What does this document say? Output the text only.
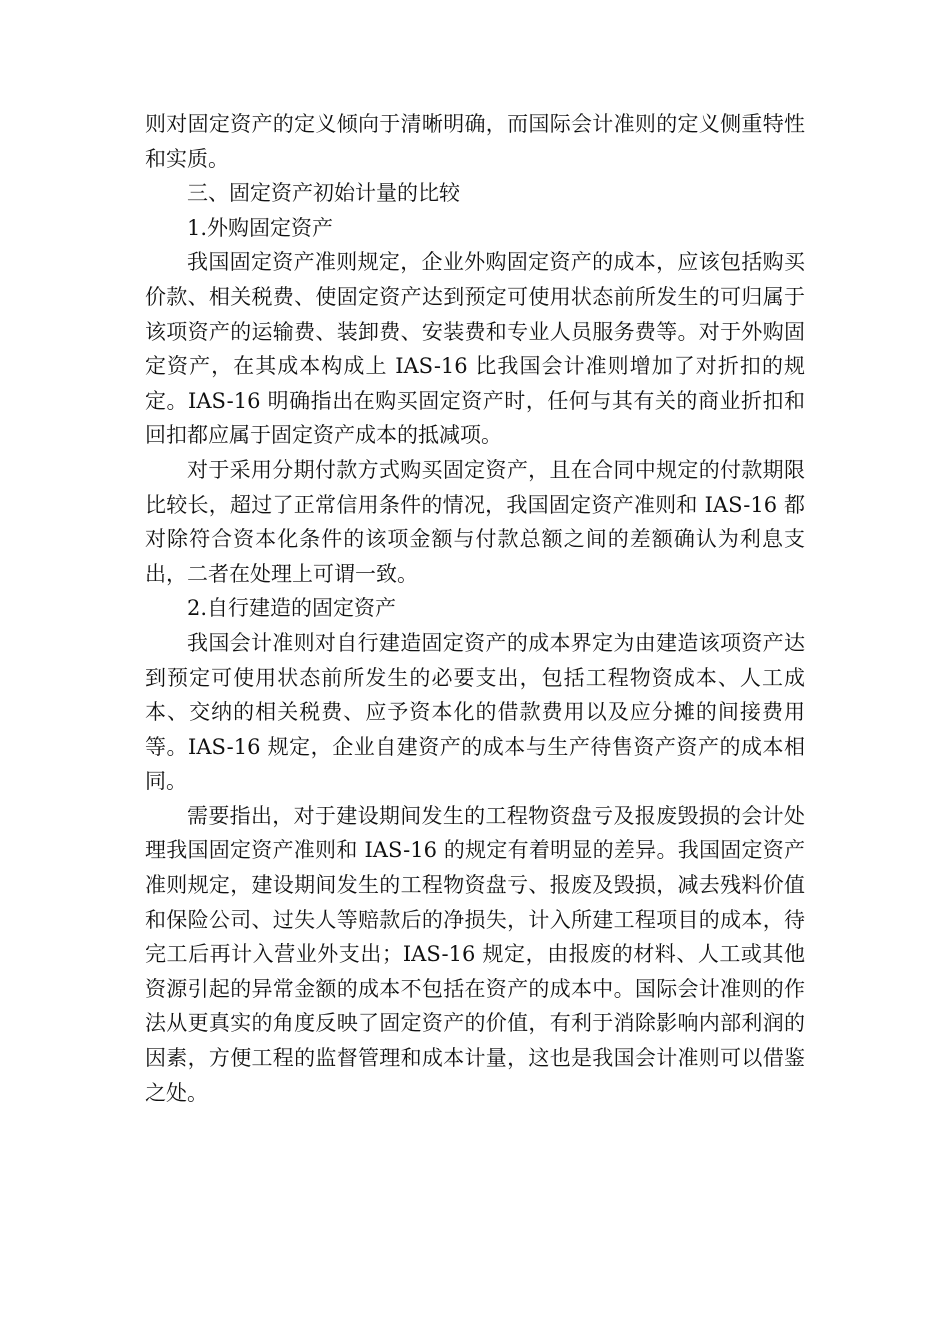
则对固定资产的定义倾向于清晰明确，而国际会计准则的定义侧重特性和实质。

三、固定资产初始计量的比较

1.外购固定资产

我国固定资产准则规定，企业外购固定资产的成本，应该包括购买价款、相关税费、使固定资产达到预定可使用状态前所发生的可归属于该项资产的运输费、装卸费、安装费和专业人员服务费等。对于外购固定资产，在其成本构成上 IAS-16 比我国会计准则增加了对折扣的规定。IAS-16 明确指出在购买固定资产时，任何与其有关的商业折扣和回扣都应属于固定资产成本的抵减项。

对于采用分期付款方式购买固定资产，且在合同中规定的付款期限比较长，超过了正常信用条件的情况，我国固定资产准则和 IAS-16 都对除符合资本化条件的该项金额与付款总额之间的差额确认为利息支出，二者在处理上可谓一致。

2.自行建造的固定资产

我国会计准则对自行建造固定资产的成本界定为由建造该项资产达到预定可使用状态前所发生的必要支出，包括工程物资成本、人工成本、交纳的相关税费、应予资本化的借款费用以及应分摊的间接费用等。IAS-16 规定，企业自建资产的成本与生产待售资产资产的成本相同。

需要指出，对于建设期间发生的工程物资盘亏及报废毁损的会计处理我国固定资产准则和 IAS-16 的规定有着明显的差异。我国固定资产准则规定，建设期间发生的工程物资盘亏、报废及毁损，减去残料价值和保险公司、过失人等赔款后的净损失，计入所建工程项目的成本，待完工后再计入营业外支出；IAS-16 规定，由报废的材料、人工或其他资源引起的异常金额的成本不包括在资产的成本中。国际会计准则的作法从更真实的角度反映了固定资产的价值，有利于消除影响内部利润的因素，方便工程的监督管理和成本计量，这也是我国会计准则可以借鉴之处。
